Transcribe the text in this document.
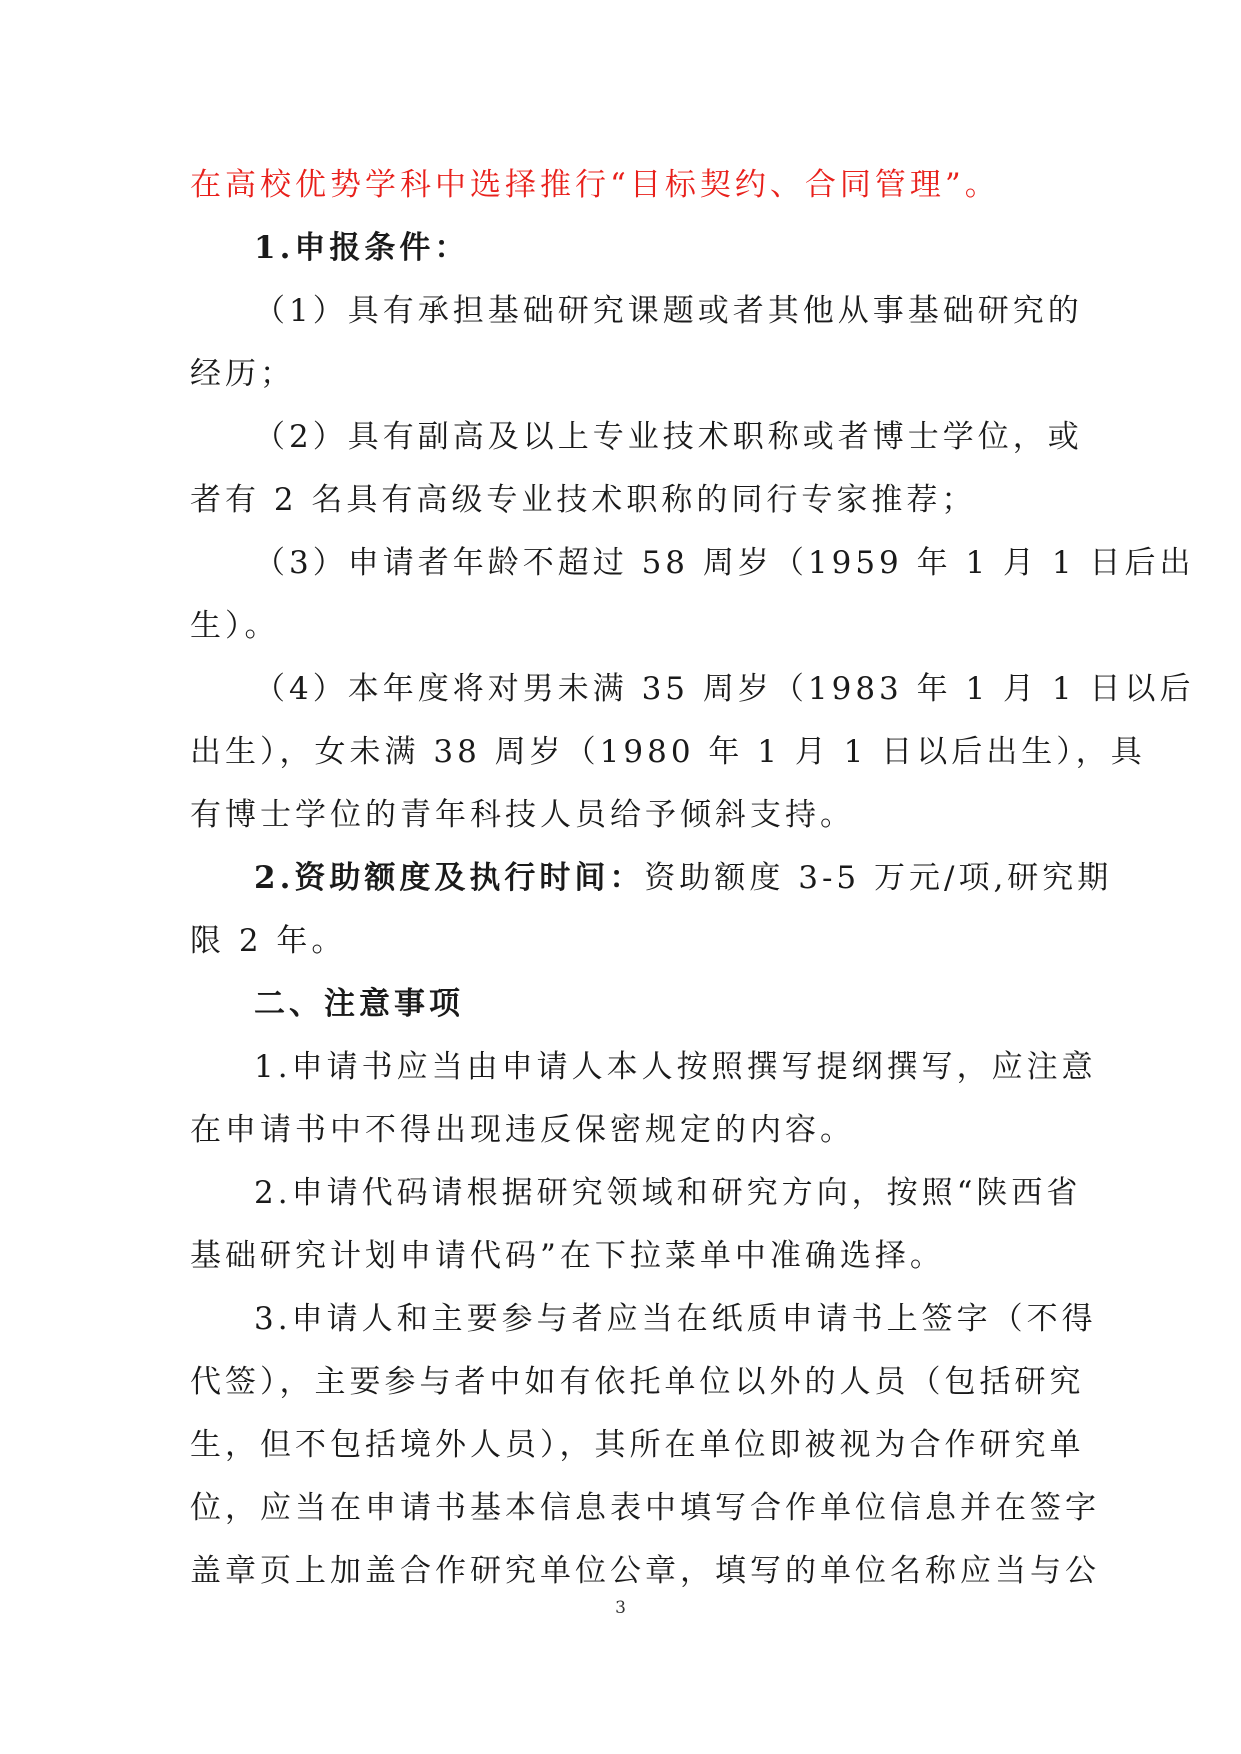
在高校优势学科中选择推行“目标契约、合同管理”。
1.申报条件：
（1）具有承担基础研究课题或者其他从事基础研究的
经历；
（2）具有副高及以上专业技术职称或者博士学位，或
者有 2 名具有高级专业技术职称的同行专家推荐；
（3）申请者年龄不超过 58 周岁（1959 年 1 月 1 日后出
生）。
（4）本年度将对男未满 35 周岁（1983 年 1 月 1 日以后
出生），女未满 38 周岁（1980 年 1 月 1 日以后出生），具
有博士学位的青年科技人员给予倾斜支持。
2.资助额度及执行时间：资助额度 3-5 万元/项,研究期
限 2 年。
二、注意事项
1.申请书应当由申请人本人按照撰写提纲撰写，应注意
在申请书中不得出现违反保密规定的内容。
2.申请代码请根据研究领域和研究方向，按照“陕西省
基础研究计划申请代码”在下拉菜单中准确选择。
3.申请人和主要参与者应当在纸质申请书上签字（不得
代签），主要参与者中如有依托单位以外的人员（包括研究
生，但不包括境外人员），其所在单位即被视为合作研究单
位，应当在申请书基本信息表中填写合作单位信息并在签字
盖章页上加盖合作研究单位公章，填写的单位名称应当与公
3
